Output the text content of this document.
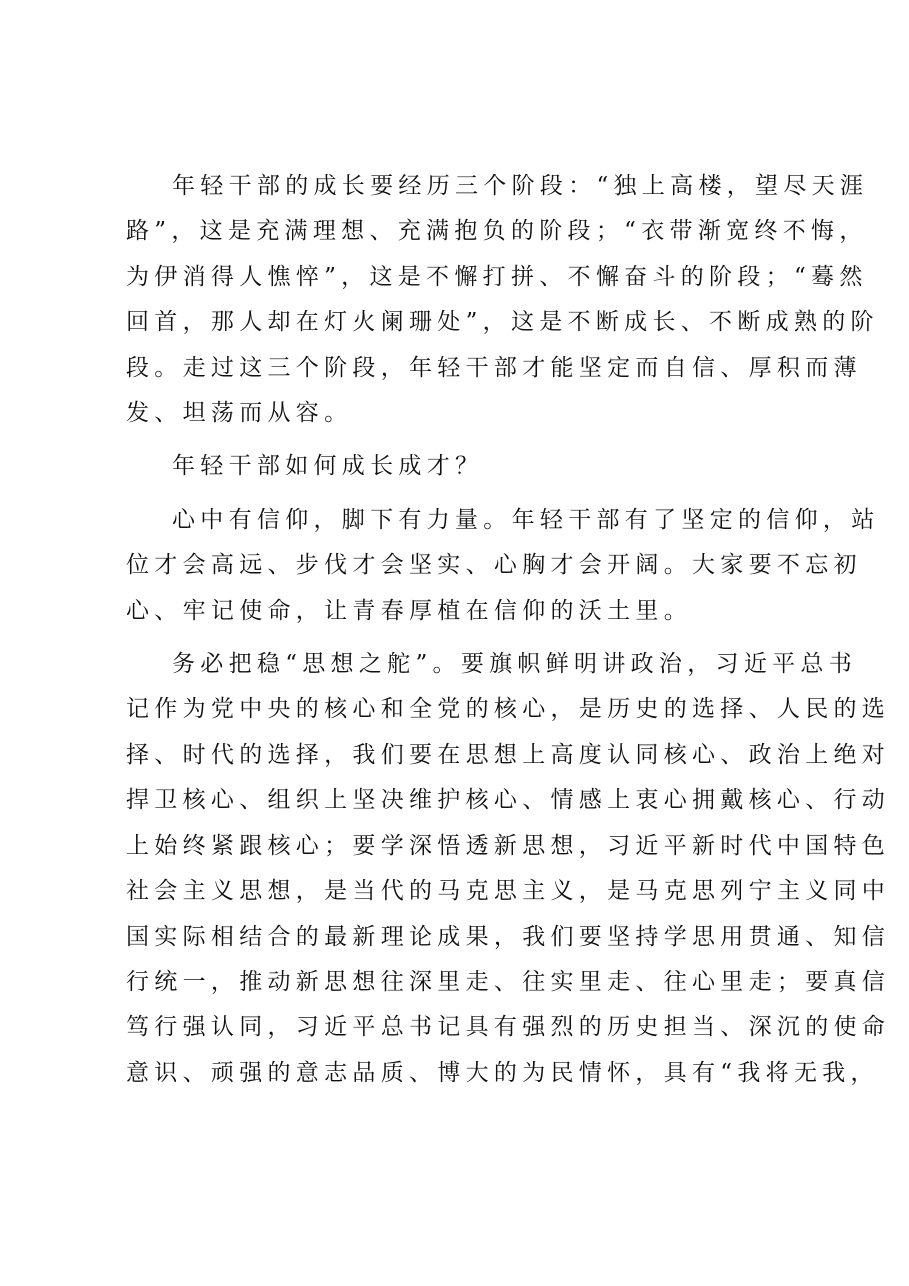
年轻干部的成长要经历三个阶段：“独上高楼，望尽天涯
路”，这是充满理想、充满抱负的阶段；“衣带渐宽终不悔，
为伊消得人憔悴”，这是不懈打拼、不懈奋斗的阶段；“蓦然
回首，那人却在灯火阑珊处”，这是不断成长、不断成熟的阶
段。走过这三个阶段，年轻干部才能坚定而自信、厚积而薄
发、坦荡而从容。

年轻干部如何成长成才？

心中有信仰，脚下有力量。年轻干部有了坚定的信仰，站
位才会高远、步伐才会坚实、心胸才会开阔。大家要不忘初
心、牢记使命，让青春厚植在信仰的沃土里。

务必把稳“思想之舵”。要旗帜鲜明讲政治，习近平总书
记作为党中央的核心和全党的核心，是历史的选择、人民的选
择、时代的选择，我们要在思想上高度认同核心、政治上绝对
捍卫核心、组织上坚决维护核心、情感上衷心拥戴核心、行动
上始终紧跟核心；要学深悟透新思想，习近平新时代中国特色
社会主义思想，是当代的马克思主义，是马克思列宁主义同中
国实际相结合的最新理论成果，我们要坚持学思用贯通、知信
行统一，推动新思想往深里走、往实里走、往心里走；要真信
笃行强认同，习近平总书记具有强烈的历史担当、深沉的使命
意识、顽强的意志品质、博大的为民情怀，具有“我将无我，
